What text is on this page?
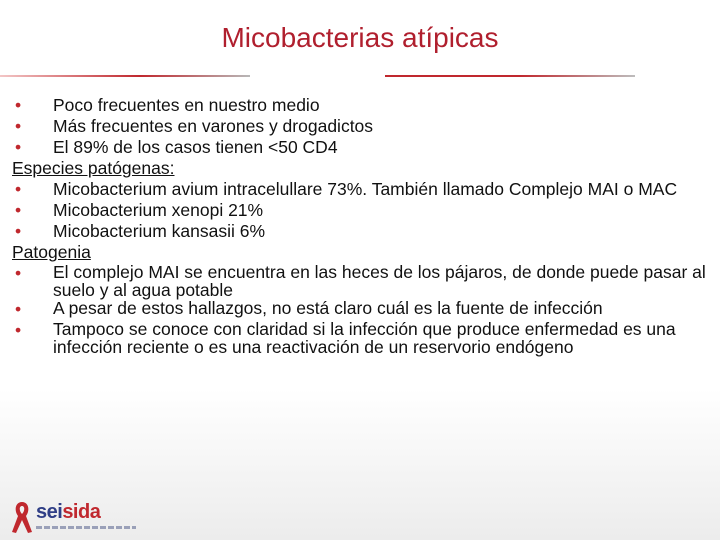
Micobacterias atípicas
•	Poco frecuentes en nuestro medio
•	Más frecuentes en varones y drogadictos
•	El 89% de los casos tienen <50 CD4
Especies patógenas:
•	Micobacterium avium intracelullare 73%. También llamado Complejo MAI o MAC
•	Micobacterium xenopi 21%
•	Micobacterium kansasii 6%
Patogenia
•	El complejo MAI se encuentra en las heces de los pájaros, de donde puede pasar al suelo y al agua potable
•	A pesar de estos hallazgos, no está claro cuál es la fuente de infección
•	Tampoco se conoce con claridad si la infección que produce enfermedad es una infección reciente o es una reactivación de un reservorio endógeno
seisida
